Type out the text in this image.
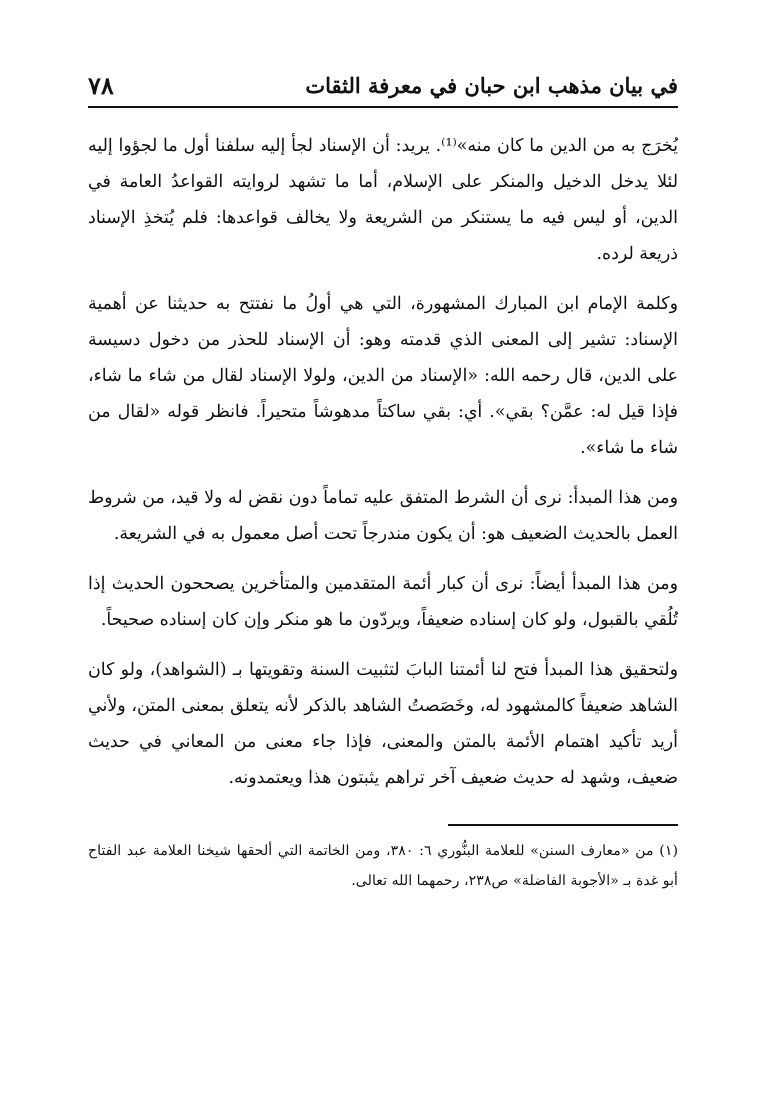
في بيان مذهب ابن حبان في معرفة الثقات
٧٨

يُخرَج به من الدين ما كان منه»⁽¹⁾. يريد: أن الإسناد لجأ إليه سلفنا أول ما لجؤوا إليه لئلا يدخل الدخيل والمنكر على الإسلام، أما ما تشهد لروايته القواعدُ العامة في الدين، أو ليس فيه ما يستنكر من الشريعة ولا يخالف قواعدها: فلم يُتخذِ الإسناد ذريعة لرده.

وكلمة الإمام ابن المبارك المشهورة، التي هي أولُ ما نفتتح به حديثنا عن أهمية الإسناد: تشير إلى المعنى الذي قدمته وهو: أن الإسناد للحذر من دخول دسيسة على الدين، قال رحمه الله: «الإسناد من الدين، ولولا الإسناد لقال من شاء ما شاء، فإذا قيل له: عمَّن؟ بقي». أي: بقي ساكتاً مدهوشاً متحيراً. فانظر قوله «لقال من شاء ما شاء».

ومن هذا المبدأ: نرى أن الشرط المتفق عليه تماماً دون نقض له ولا قيد، من شروط العمل بالحديث الضعيف هو: أن يكون مندرجاً تحت أصل معمول به في الشريعة.

ومن هذا المبدأ أيضاً: نرى أن كبار أئمة المتقدمين والمتأخرين يصححون الحديث إذا تُلُقي بالقبول، ولو كان إسناده ضعيفاً، ويردّون ما هو منكر وإن كان إسناده صحيحاً.

ولتحقيق هذا المبدأ فتح لنا أئمتنا البابَ لتثبيت السنة وتقويتها بـ (الشواهد)، ولو كان الشاهد ضعيفاً كالمشهود له، وخَصَصتُ الشاهد بالذكر لأنه يتعلق بمعنى المتن، ولأني أريد تأكيد اهتمام الأئمة بالمتن والمعنى، فإذا جاء معنى من المعاني في حديث ضعيف، وشهد له حديث ضعيف آخر تراهم يثبتون هذا ويعتمدونه.

(١) من «معارف السنن» للعلامة البنُّوري ٦: ٣٨٠، ومن الخاتمة التي ألحقها شيخنا العلامة عبد الفتاح أبو غدة بـ «الأجوبة الفاضلة» ص٢٣٨، رحمهما الله تعالى.
